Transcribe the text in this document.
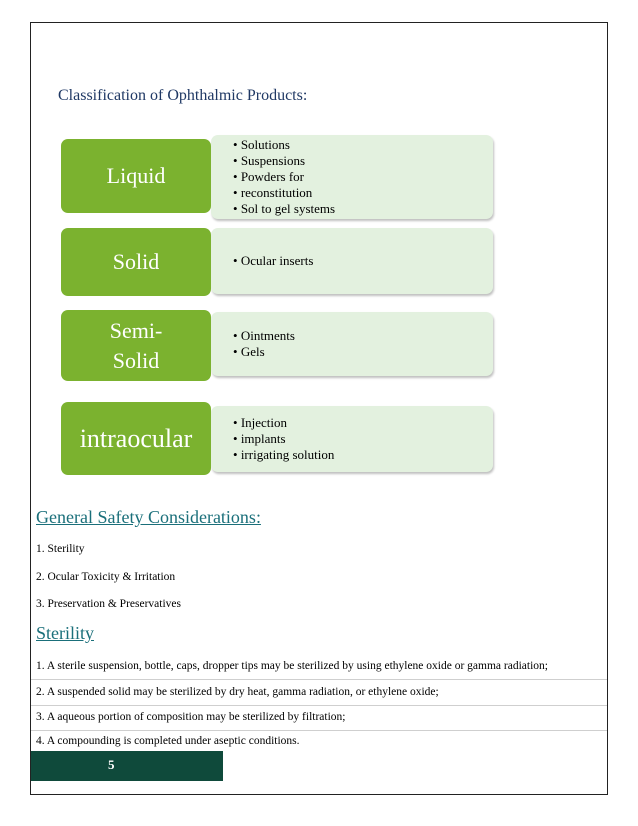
Classification of Ophthalmic Products:
• Solutions
• Suspensions
• Powders for
• reconstitution
• Sol to gel systems
Liquid
• Ocular inserts
Solid
• Ointments
• Gels
Semi-
Solid
• Injection
• implants
• irrigating solution
intraocular
General Safety Considerations:
1. Sterility
2. Ocular Toxicity & Irritation
3. Preservation & Preservatives
Sterility
1. A sterile suspension, bottle, caps, dropper tips may be sterilized by using ethylene oxide or gamma radiation;
2. A suspended solid may be sterilized by dry heat, gamma radiation, or ethylene oxide;
3. A aqueous portion of composition may be sterilized by filtration;
4. A compounding is completed under aseptic conditions.
5
